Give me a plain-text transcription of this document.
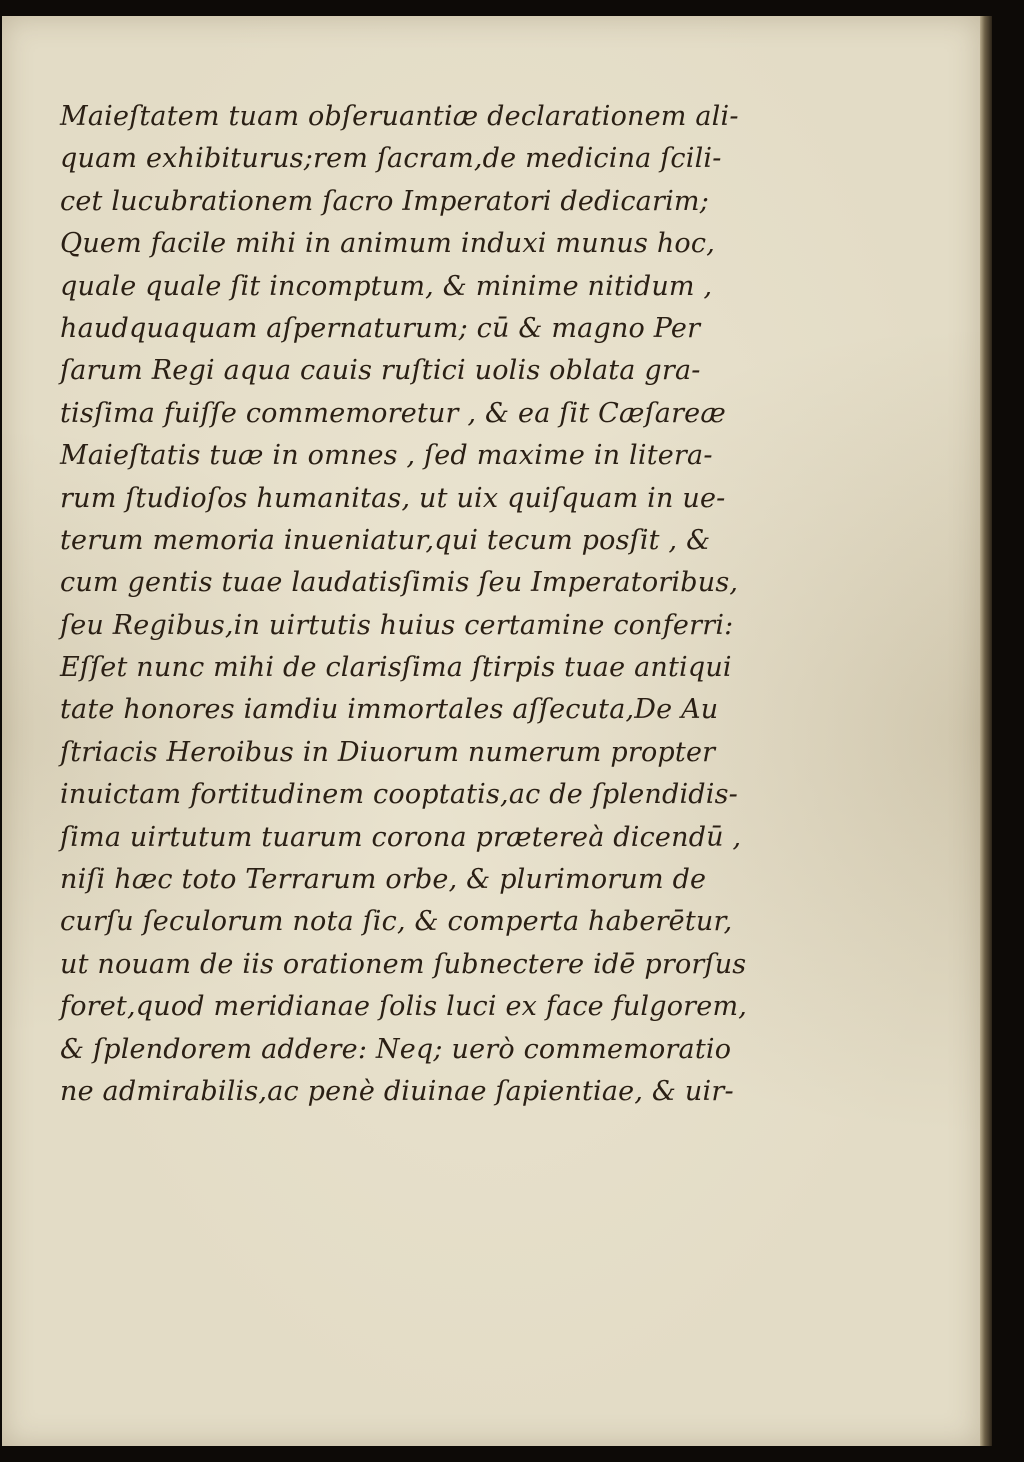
Maieſtatem tuam obſeruantiæ declarationem ali-
quam exhibiturus;rem ſacram,de medicina ſcili-
cet lucubrationem ſacro Imperatori dedicarim;
Quem facile mihi in animum induxi munus hoc,
quale quale ſit incomptum, & minime nitidum ,
haudquaquam aſpernaturum; cū & magno Per
ſarum Regi aqua cauis ruſtici uolis oblata gra-
tisſima fuiſſe commemoretur , & ea ſit Cæſareæ
Maieſtatis tuæ in omnes , ſed maxime in litera-
rum ſtudioſos humanitas, ut uix quiſquam in ue-
terum memoria inueniatur,qui tecum posſit , &
cum gentis tuae laudatisſimis ſeu Imperatoribus,
ſeu Regibus,in uirtutis huius certamine conferri:
Eſſet nunc mihi de clarisſima ſtirpis tuae antiqui
tate honores iamdiu immortales aſſecuta,De Au
ſtriacis Heroibus in Diuorum numerum propter
inuictam fortitudinem cooptatis,ac de ſplendidis-
ſima uirtutum tuarum corona prætereà dicendū ,
niſi hæc toto Terrarum orbe, & plurimorum de
curſu ſeculorum nota ſic, & comperta haberētur,
ut nouam de iis orationem ſubnectere idē prorſus
foret,quod meridianae ſolis luci ex face fulgorem,
& ſplendorem addere: Neq; uerò commemoratio
ne admirabilis,ac penè diuinae ſapientiae, & uir-
